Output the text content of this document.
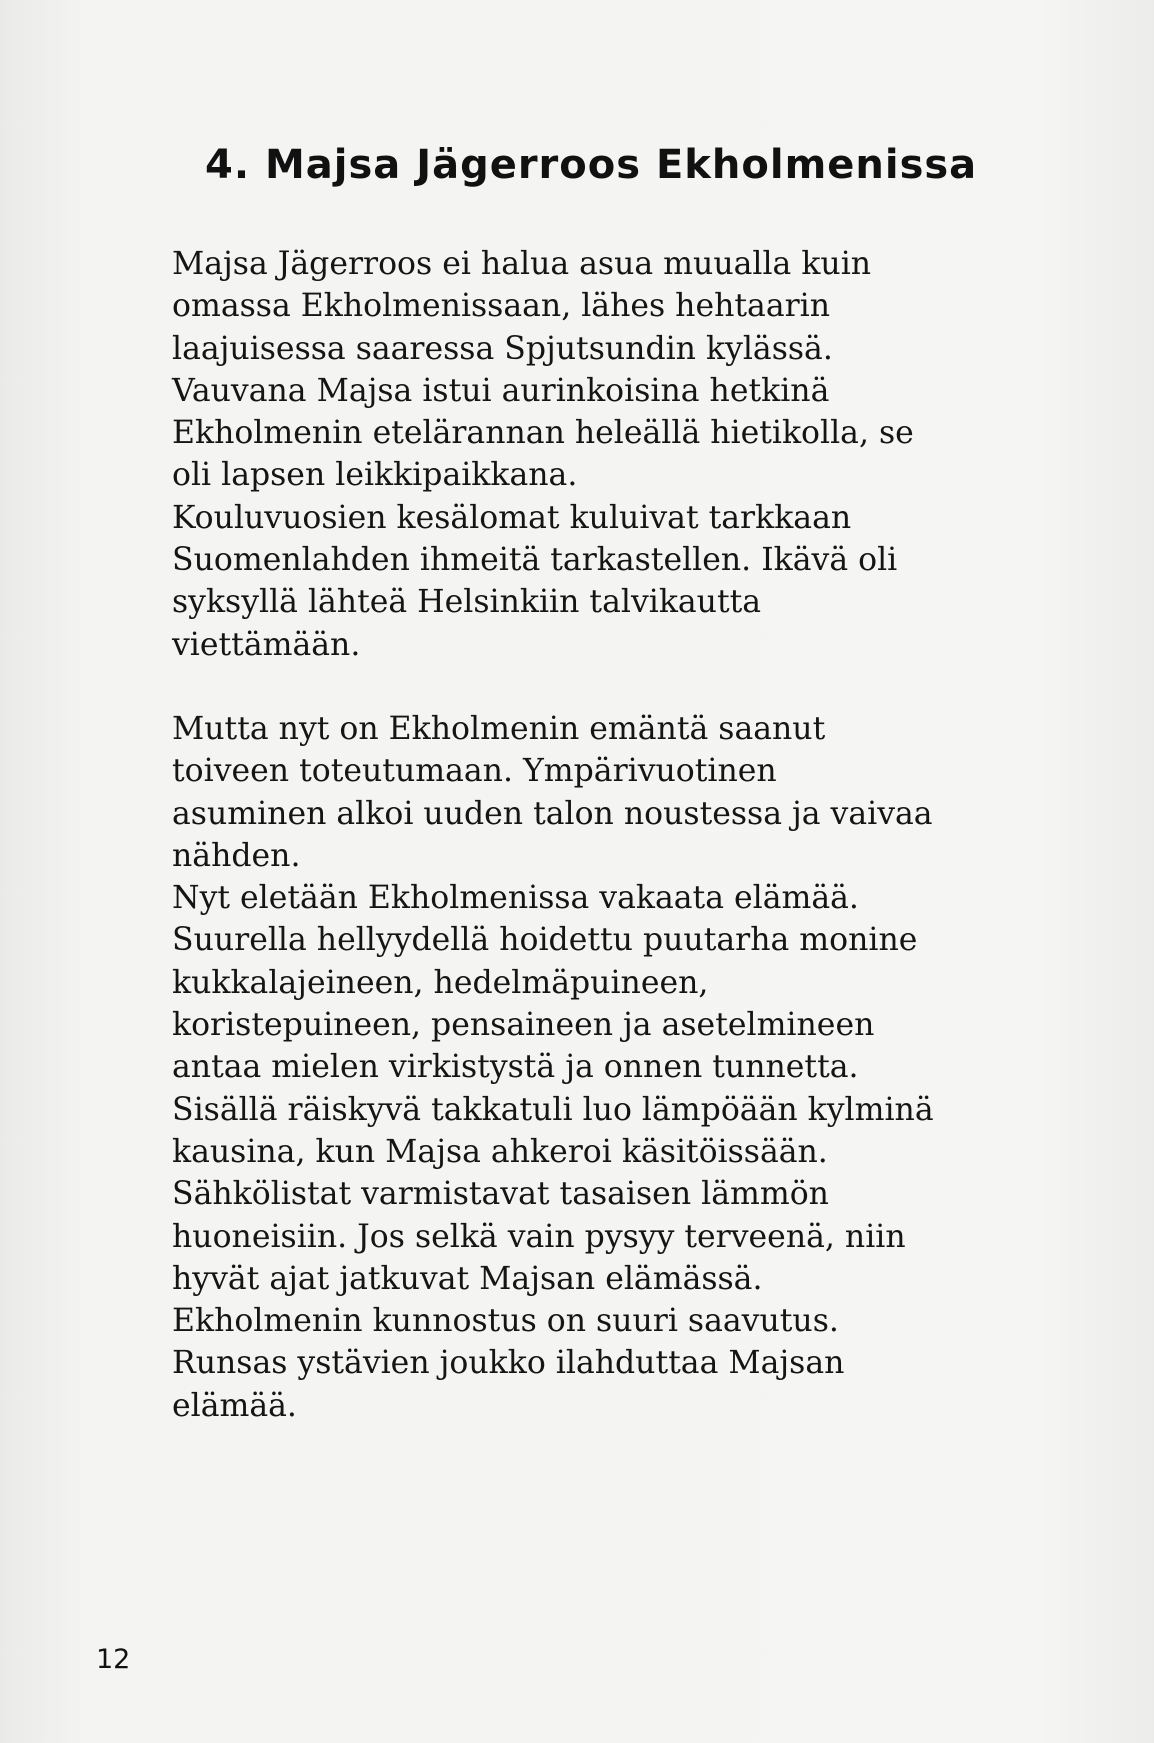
4. Majsa Jägerroos Ekholmenissa
Majsa Jägerroos ei halua asua muualla kuin
omassa Ekholmenissaan, lähes hehtaarin
laajuisessa saaressa Spjutsundin kylässä.
Vauvana Majsa istui aurinkoisina hetkinä
Ekholmenin etelärannan heleällä hietikolla, se
oli lapsen leikkipaikkana.
Kouluvuosien kesälomat kuluivat tarkkaan
Suomenlahden ihmeitä tarkastellen. Ikävä oli
syksyllä lähteä Helsinkiin talvikautta
viettämään.
Mutta nyt on Ekholmenin emäntä saanut
toiveen toteutumaan. Ympärivuotinen
asuminen alkoi uuden talon noustessa ja vaivaa
nähden.
Nyt eletään Ekholmenissa vakaata elämää.
Suurella hellyydellä hoidettu puutarha monine
kukkalajeineen, hedelmäpuineen,
koristepuineen, pensaineen ja asetelmineen
antaa mielen virkistystä ja onnen tunnetta.
Sisällä räiskyvä takkatuli luo lämpöään kylminä
kausina, kun Majsa ahkeroi käsitöissään.
Sähkölistat varmistavat tasaisen lämmön
huoneisiin. Jos selkä vain pysyy terveenä, niin
hyvät ajat jatkuvat Majsan elämässä.
Ekholmenin kunnostus on suuri saavutus.
Runsas ystävien joukko ilahduttaa Majsan
elämää.
12
